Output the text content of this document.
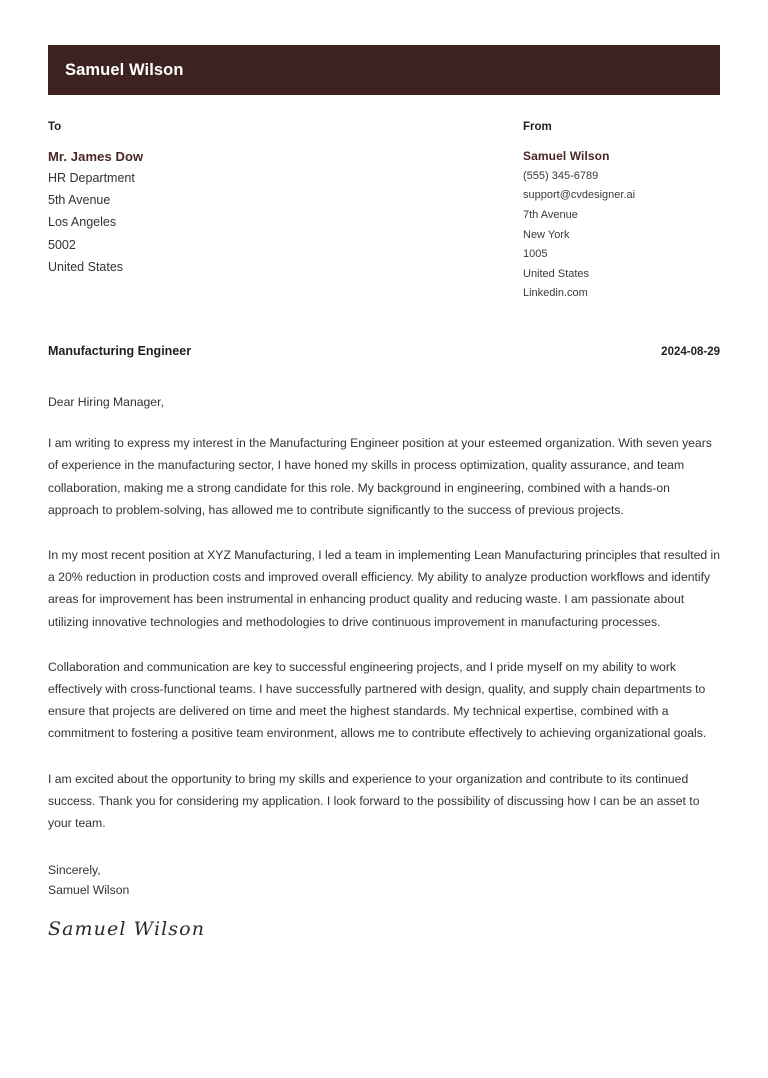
Samuel Wilson
To
Mr. James Dow
HR Department
5th Avenue
Los Angeles
5002
United States
From
Samuel Wilson
(555) 345-6789
support@cvdesigner.ai
7th Avenue
New York
1005
United States
Linkedin.com
Manufacturing Engineer	2024-08-29
Dear Hiring Manager,

I am writing to express my interest in the Manufacturing Engineer position at your esteemed organization. With seven years of experience in the manufacturing sector, I have honed my skills in process optimization, quality assurance, and team collaboration, making me a strong candidate for this role. My background in engineering, combined with a hands-on approach to problem-solving, has allowed me to contribute significantly to the success of previous projects.

In my most recent position at XYZ Manufacturing, I led a team in implementing Lean Manufacturing principles that resulted in a 20% reduction in production costs and improved overall efficiency. My ability to analyze production workflows and identify areas for improvement has been instrumental in enhancing product quality and reducing waste. I am passionate about utilizing innovative technologies and methodologies to drive continuous improvement in manufacturing processes.

Collaboration and communication are key to successful engineering projects, and I pride myself on my ability to work effectively with cross-functional teams. I have successfully partnered with design, quality, and supply chain departments to ensure that projects are delivered on time and meet the highest standards. My technical expertise, combined with a commitment to fostering a positive team environment, allows me to contribute effectively to achieving organizational goals.

I am excited about the opportunity to bring my skills and experience to your organization and contribute to its continued success. Thank you for considering my application. I look forward to the possibility of discussing how I can be an asset to your team.

Sincerely,
Samuel Wilson
Samuel Wilson
